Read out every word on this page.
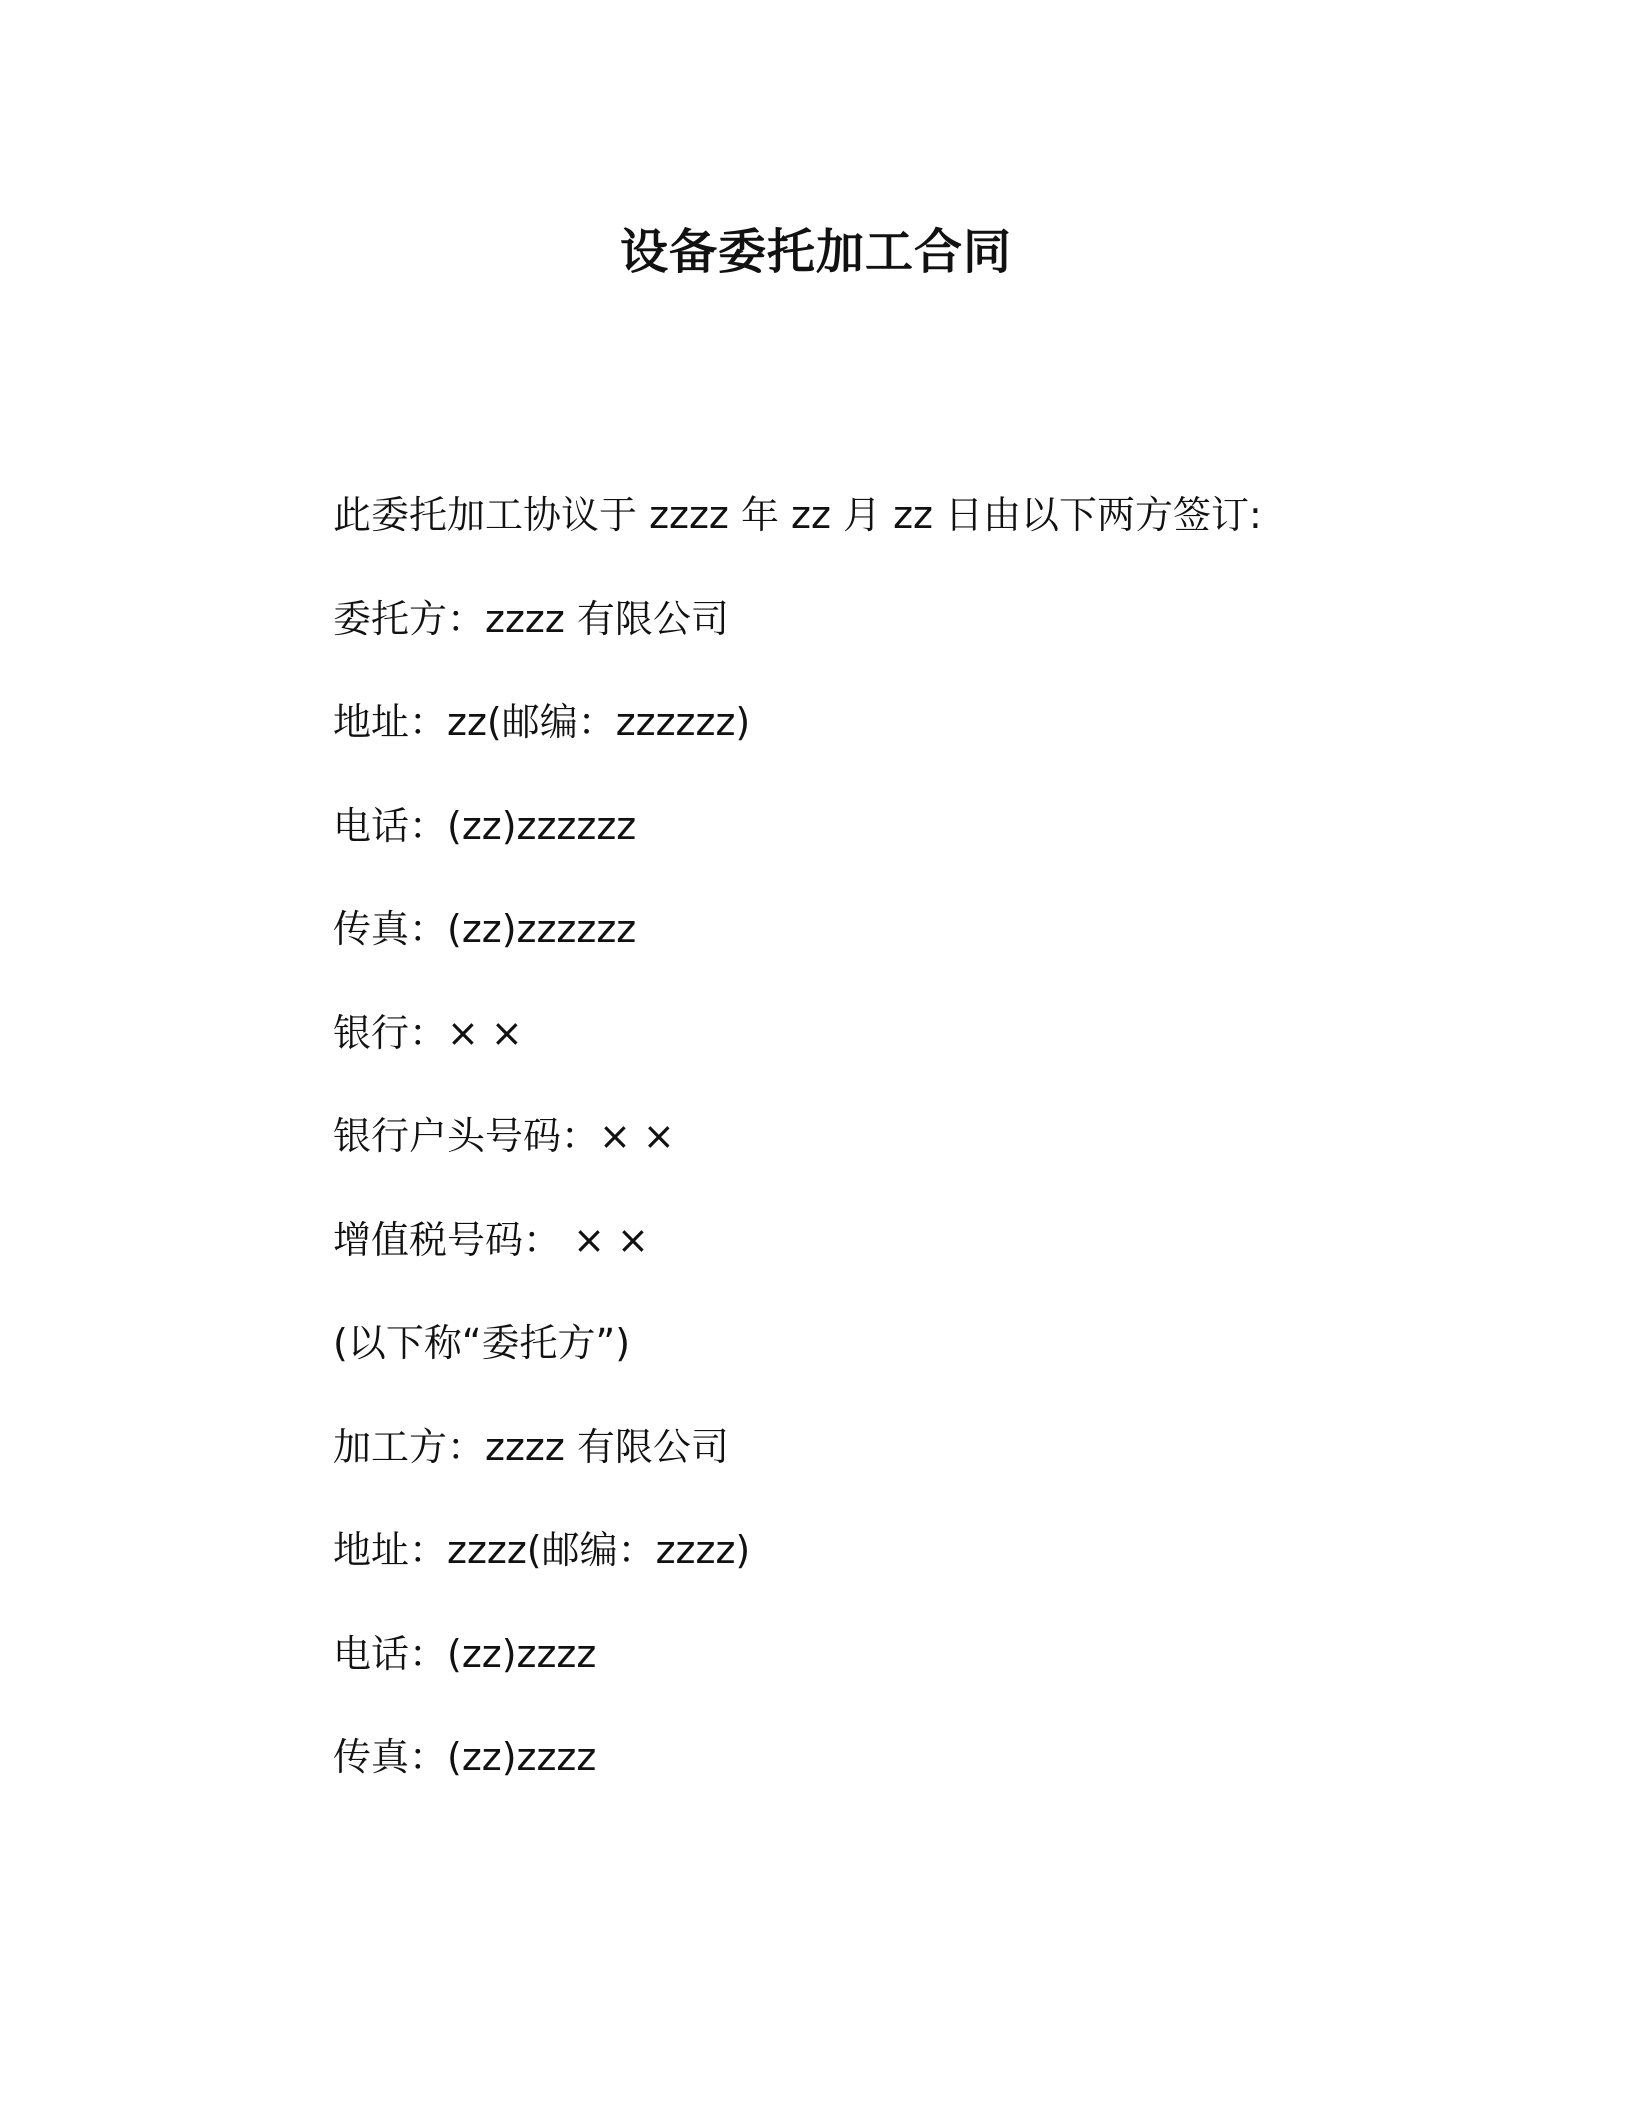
设备委托加工合同

此委托加工协议于 zzzz 年 zz 月 zz 日由以下两方签订:

委托方：zzzz 有限公司

地址：zz(邮编：zzzzzz)

电话：(zz)zzzzzz

传真：(zz)zzzzzz

银行：× ×

银行户头号码：× ×

增值税号码： × ×

(以下称“委托方”)

加工方：zzzz 有限公司

地址：zzzz(邮编：zzzz)

电话：(zz)zzzz

传真：(zz)zzzz
